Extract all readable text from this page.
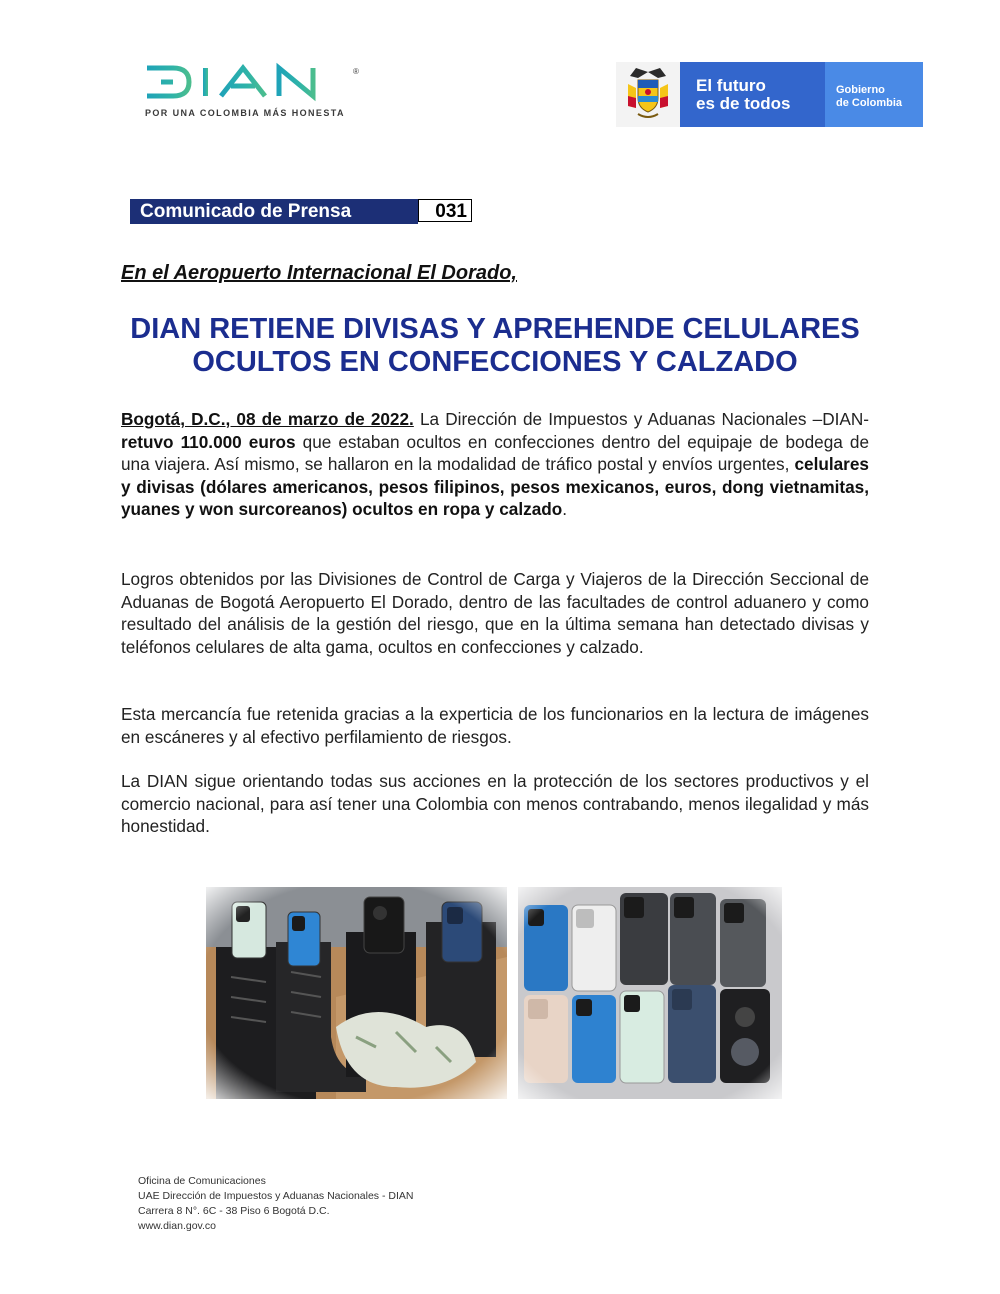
®
POR UNA COLOMBIA MÁS HONESTA
El futuro
es de todos
Gobierno
de Colombia
Comunicado de Prensa	031
En el Aeropuerto Internacional El Dorado,
DIAN RETIENE DIVISAS Y APREHENDE CELULARES
OCULTOS EN CONFECCIONES Y CALZADO
Bogotá, D.C., 08 de marzo de 2022. La Dirección de Impuestos y Aduanas Nacionales –DIAN- retuvo 110.000 euros que estaban ocultos en confecciones dentro del equipaje de bodega de una viajera. Así mismo, se hallaron en la modalidad de tráfico postal y envíos urgentes, celulares y divisas (dólares americanos, pesos filipinos, pesos mexicanos, euros, dong vietnamitas, yuanes y won surcoreanos) ocultos en ropa y calzado.
Logros obtenidos por las Divisiones de Control de Carga y Viajeros de la Dirección Seccional de Aduanas de Bogotá Aeropuerto El Dorado, dentro de las facultades de control aduanero y como resultado del análisis de la gestión del riesgo, que en la última semana han detectado divisas y teléfonos celulares de alta gama, ocultos en confecciones y calzado.
Esta mercancía fue retenida gracias a la experticia de los funcionarios en la lectura de imágenes en escáneres y al efectivo perfilamiento de riesgos.
La DIAN sigue orientando todas sus acciones en la protección de los sectores productivos y el comercio nacional, para así tener una Colombia con menos contrabando, menos ilegalidad y más honestidad.
Oficina de Comunicaciones
UAE Dirección de Impuestos y Aduanas Nacionales - DIAN
Carrera 8 N°. 6C - 38 Piso 6 Bogotá D.C.
www.dian.gov.co
